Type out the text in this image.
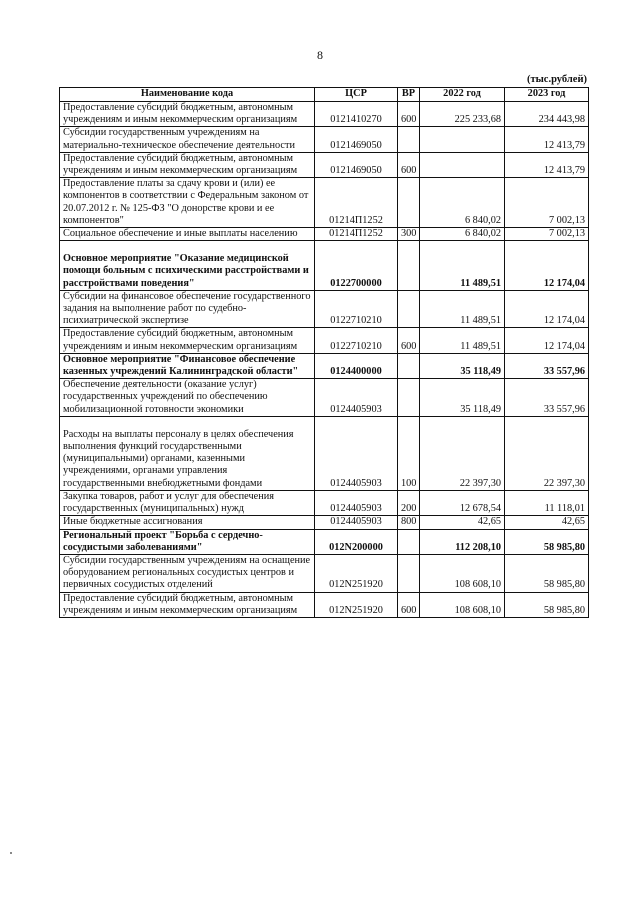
8
(тыс.рублей)
Наименование кода	ЦСР	ВР	2022 год	2023 год
Предоставление субсидий бюджетным, автономным учреждениям и иным некоммерческим организациям	0121410270	600	225 233,68	234 443,98
Субсидии государственным учреждениям на материально-техническое обеспечение деятельности	0121469050			12 413,79
Предоставление субсидий бюджетным, автономным учреждениям и иным некоммерческим организациям	0121469050	600		12 413,79
Предоставление платы за сдачу крови и (или) ее компонентов в соответствии с Федеральным законом от 20.07.2012 г. № 125-ФЗ "О донорстве крови и ее компонентов"	01214П1252		6 840,02	7 002,13
Социальное обеспечение и иные выплаты населению	01214П1252	300	6 840,02	7 002,13
Основное мероприятие "Оказание медицинской помощи больным с психическими расстройствами и расстройствами поведения"	0122700000		11 489,51	12 174,04
Субсидии на финансовое обеспечение государственного задания на выполнение работ по судебно-психиатрической экспертизе	0122710210		11 489,51	12 174,04
Предоставление субсидий бюджетным, автономным учреждениям и иным некоммерческим организациям	0122710210	600	11 489,51	12 174,04
Основное мероприятие "Финансовое обеспечение казенных учреждений Калининградской области"	0124400000		35 118,49	33 557,96
Обеспечение деятельности (оказание услуг) государственных учреждений по обеспечению мобилизационной готовности экономики	0124405903		35 118,49	33 557,96
Расходы на выплаты персоналу в целях обеспечения выполнения функций государственными (муниципальными) органами, казенными учреждениями, органами управления государственными внебюджетными фондами	0124405903	100	22 397,30	22 397,30
Закупка товаров, работ и услуг для обеспечения государственных (муниципальных) нужд	0124405903	200	12 678,54	11 118,01
Иные бюджетные ассигнования	0124405903	800	42,65	42,65
Региональный проект "Борьба с сердечно-сосудистыми заболеваниями"	012N200000		112 208,10	58 985,80
Субсидии государственным учреждениям на оснащение оборудованием региональных сосудистых центров и первичных сосудистых отделений	012N251920		108 608,10	58 985,80
Предоставление субсидий бюджетным, автономным учреждениям и иным некоммерческим организациям	012N251920	600	108 608,10	58 985,80
